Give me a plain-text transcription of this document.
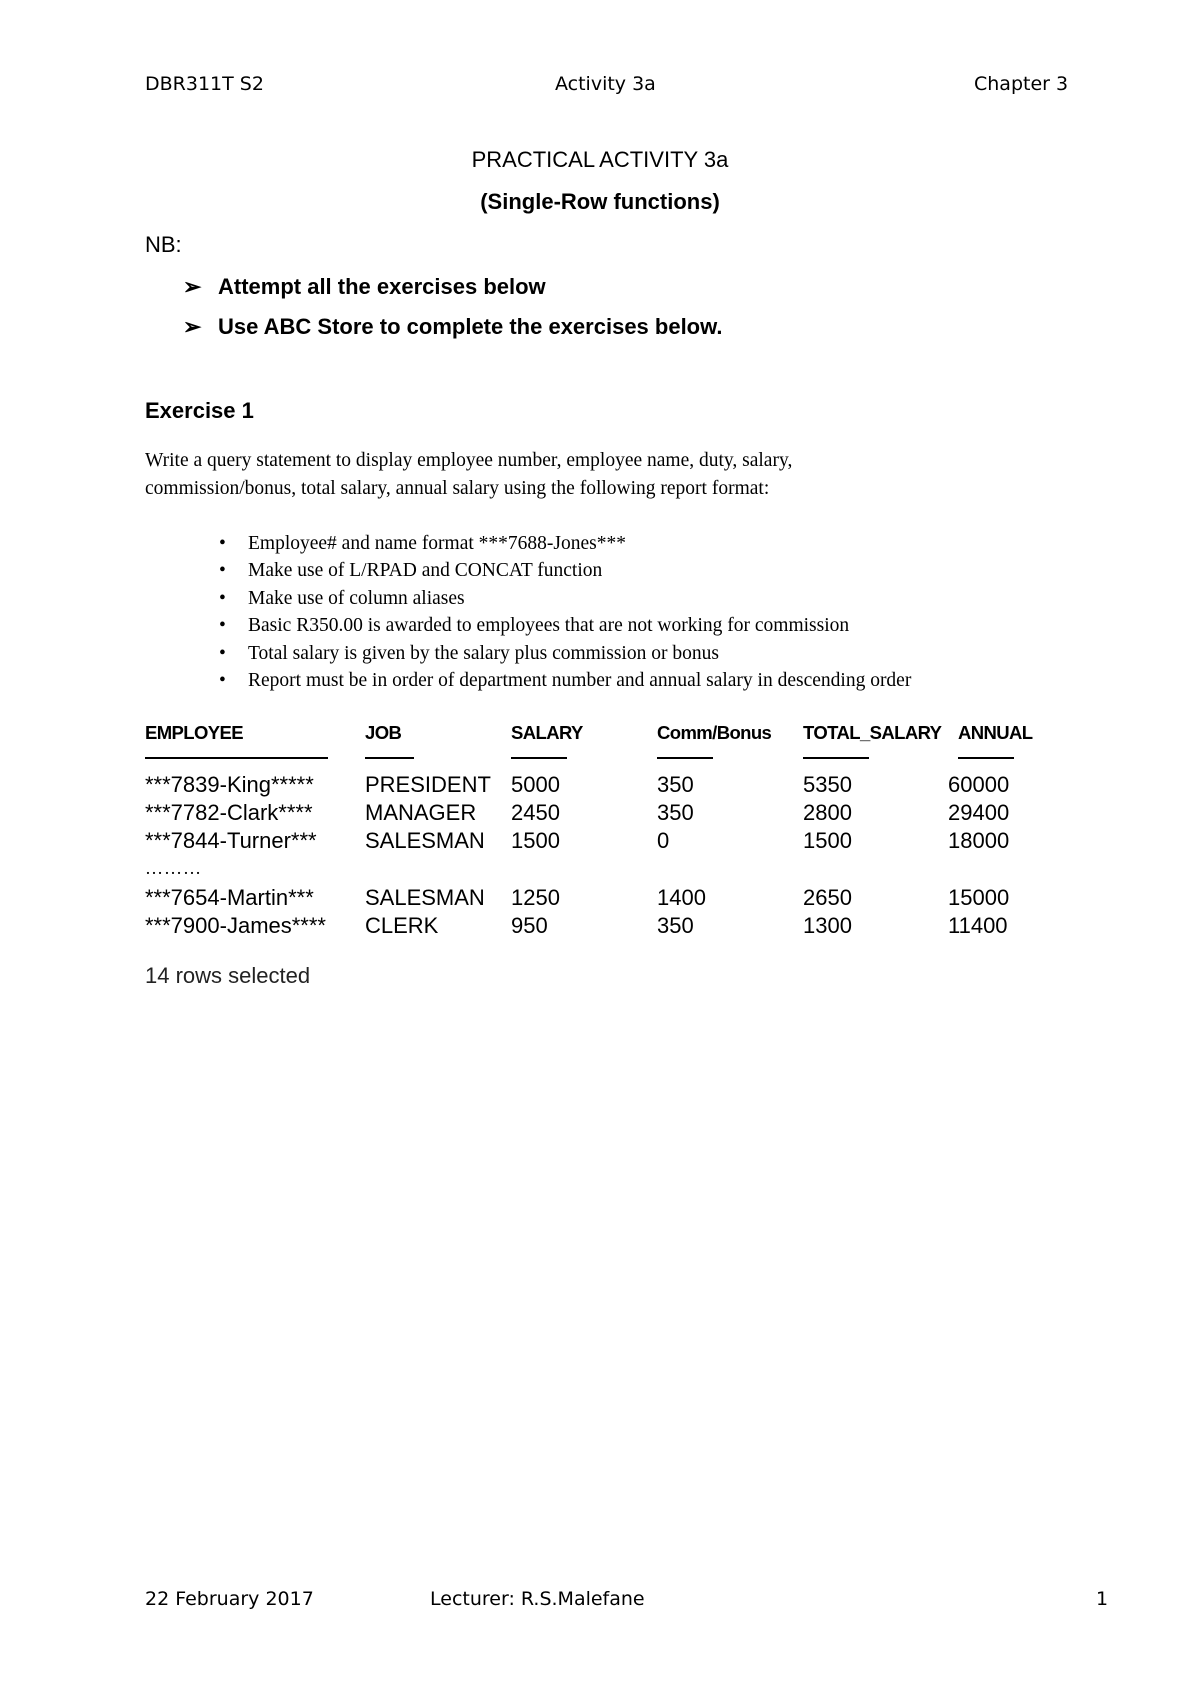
DBR311T S2	Activity 3a	Chapter 3
PRACTICAL ACTIVITY 3a
(Single-Row functions)
NB:
➢ Attempt all the exercises below
➢ Use ABC Store to complete the exercises below.
Exercise 1
Write a query statement to display employee number, employee name, duty, salary,
commission/bonus, total salary, annual salary using the following report format:
• Employee# and name format ***7688-Jones***
• Make use of L/RPAD and CONCAT function
• Make use of column aliases
• Basic R350.00 is awarded to employees that are not working for commission
• Total salary is given by the salary plus commission or bonus
• Report must be in order of department number and annual salary in descending order
EMPLOYEE	JOB	SALARY	Comm/Bonus TOTAL_SALARY ANNUAL
***7839-King***** PRESIDENT 5000	350	5350	60000
***7782-Clark**** MANAGER 2450	350	2800	29400
***7844-Turner*** SALESMAN 1500	0	1500	18000
………
***7654-Martin*** SALESMAN 1250	1400	2650	15000
***7900-James**** CLERK	950	350	1300	11400
14 rows selected
22 February 2017	Lecturer: R.S.Malefane	1
